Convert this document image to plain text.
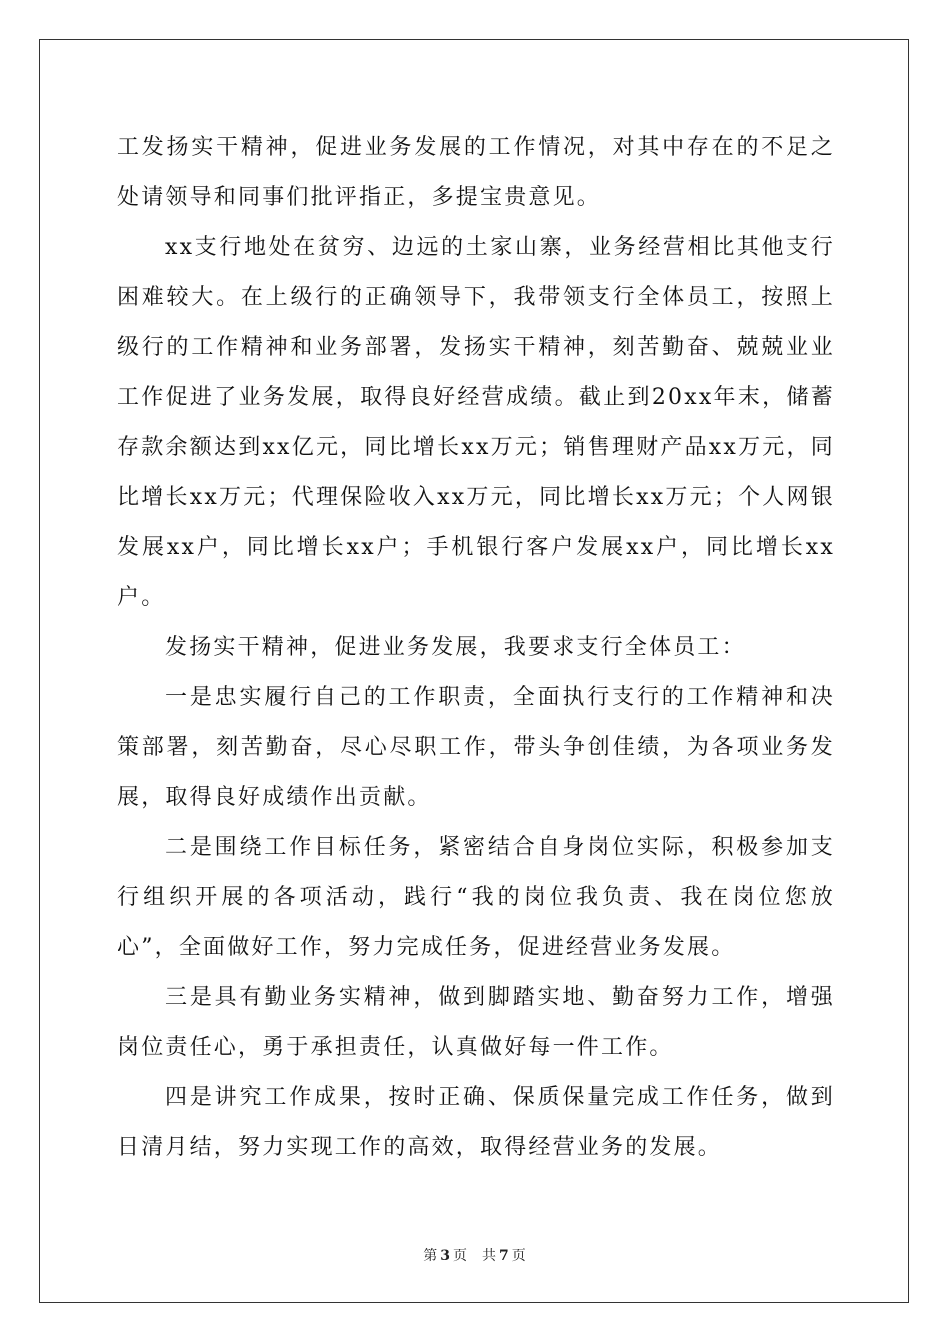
工发扬实干精神，促进业务发展的工作情况，对其中存在的不足之处请领导和同事们批评指正，多提宝贵意见。

xx支行地处在贫穷、边远的土家山寨，业务经营相比其他支行困难较大。在上级行的正确领导下，我带领支行全体员工，按照上级行的工作精神和业务部署，发扬实干精神，刻苦勤奋、兢兢业业工作促进了业务发展，取得良好经营成绩。截止到20xx年末，储蓄存款余额达到xx亿元，同比增长xx万元；销售理财产品xx万元，同比增长xx万元；代理保险收入xx万元，同比增长xx万元；个人网银发展xx户，同比增长xx户；手机银行客户发展xx户，同比增长xx户。

发扬实干精神，促进业务发展，我要求支行全体员工：

一是忠实履行自己的工作职责，全面执行支行的工作精神和决策部署，刻苦勤奋，尽心尽职工作，带头争创佳绩，为各项业务发展，取得良好成绩作出贡献。

二是围绕工作目标任务，紧密结合自身岗位实际，积极参加支行组织开展的各项活动，践行“我的岗位我负责、我在岗位您放心”，全面做好工作，努力完成任务，促进经营业务发展。

三是具有勤业务实精神，做到脚踏实地、勤奋努力工作，增强岗位责任心，勇于承担责任，认真做好每一件工作。

四是讲究工作成果，按时正确、保质保量完成工作任务，做到日清月结，努力实现工作的高效，取得经营业务的发展。

第 3 页 共 7 页
